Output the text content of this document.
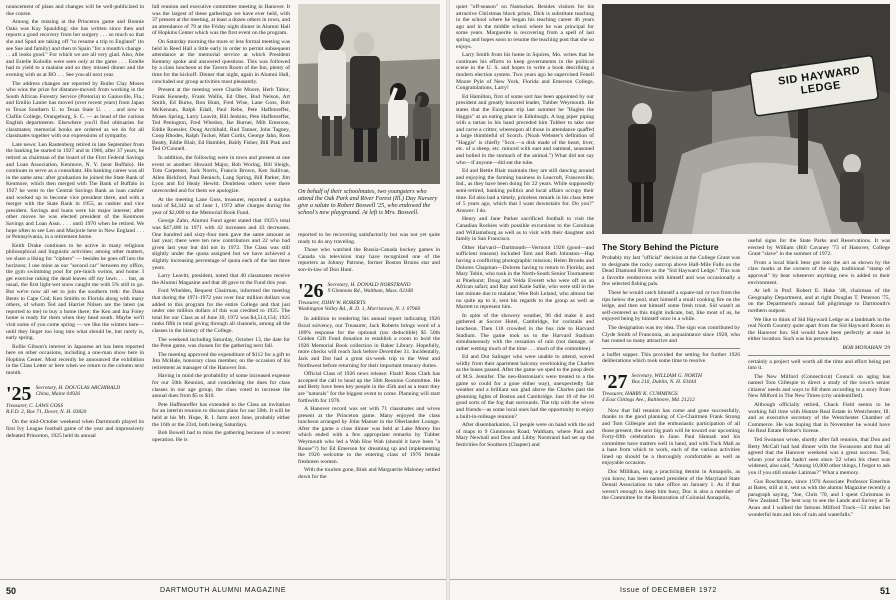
nouncement of plans and changes will be well-publicized in due course.

Among the missing at the Princeton game and Bonnie Oaks was Kay Spaulding; she has written since then and reports a good recovery from her surgery . . . so much so that she and Spud are taking off "to resume a trip to England" (to see Sue and family) and then to Spain "for a month's change . . . all looks good." For which we are all very glad. Also, Abe and Estelle Kolodin were seen only at the game . . . Estelle had to yield to a malaise and so they missed dinner and the evening with us at BO . . . See you-all next year.

The address changes are reported by Butler Clay Moses who wins the prize for distance-moved: from working in the South African Forestry Service (Pretoria) to Gainsville, Fla.; and Emilio Lanier has moved (over recent years) from Japan to Texas Southern U. to Texas State U. . . . and now to Claflin College, Orangeburg, S. C. — as head of the various English departments. Elsewhere you'll find obituaries for classmates; memorial books are ordered as we do for all classmates together with our expressions of sympathy.

Late news: Len Rautenberg retired in late September from the banking he started in 1927 and in 1966, after 37 years, he retired as chairman of the board of the First Federal Savings and Loan Association, Kenmore, N. Y. (near Buffalo). He continues to serve as a consultant. His banking career was all in the same area: after graduation he joined the State Bank of Kenmore, which then merged with The Bank of Buffalo in 1927 he went to the Central Savings Bank as loan cashier and worked up to become vice president there, and with a merger with the State Bank in 1955, as cashier and vice president. Savings and loans were his major interest; after other moves he was elected president of the Kenmore Savings and Loan Assn. . . . until 1970 when he retired. We hope often to see Len and Marjorie here in New England . . . or Pennsylvania, in a retirement home.

Keith Drake continues to be active in many religious philosophical and linguistic activities; among other matters, we share a liking for "ciphers" — besides he goes off into the horizons; I use mine as our "second car" between my office, the gym swimming pool for pre-lunch swims, and home. I get exercise raking the dead leaves off my lawn . . . but, as usual, the first light-wet snow caught me with 5% still to go. But we're now all set to join the southern trek: the Dana Bents to Cape Cod; Ken Smiths to Florida along with many others, of whom Ted and Harriet Nilsen are the latest (as reported to me) to buy a home there; the Ken and Ina Foley home is ready for them when they head south. Maybe we'll visit some of you come spring — we like the winters here—until they linger too long into what should be, but rarely is, early spring.

Rollie Gibson's interest in Japanese art has been reported here on other occasions, including a one-man show here in Hopkins Center. Most recently he announced the exhibition in the Class Letter or here when we return to the column next month.

'25 Secretary, H. DOUGLAS ARCHIBALD
China, Maine 04926
Treasurer, C. LAWS GOSS
R.F.D. 2, Box 71, Dover, N. H. 03820

On the mid-October weekend when Dartmouth played its first Ivy League football game of the year and impressively defeated Princeton, 1925 held its annual

fall reunion and executive committee meeting in Hanover. It was the largest of these gatherings we have ever held, with 37 present at the meeting, at least a dozen others in town, and an attendance of 79 at the Friday night dinner in Alumni Hall of Hopkins Center which was the first event on the program.

On Saturday morning the more or less formal meeting was held in Reed Hall a little early in order to permit subsequent attendance at the memorial service at which President Kemeny spoke and answered questions. This was followed by a class luncheon at the Tavern Room of the Inn, plenty of time for the kickoff. Dinner that night, again in Alumni Hall, concluded our group activities most pleasantly.

Present at the meeting were Charlie Moore, Herb Tabor, Frank Kennedy, Frank Wallis, Ed Ober, Bud Nelson, Art Smith, Ed Burns, Ron Hunt, Fred Wise, Lane Goss, Bob McKennan, Ralph Edall, Paul Rebe, Pete Haffenreffer, Moses Spring, Larry Leavitt, Bill Jenkins, Pete Haffenreffer, Ted Penington, Fred Whedon, Ike Burner, Milt Emerson, Eddie Roessler, Doug Archibald, Rud Tanner, John Tagney, Coop Rhodes, Ralph Tucker, Matt Curtis, George Jahn, Ross Beatty, Eddie Blair, Ed Hamblet, Baldy Fisher, Bill Ptak and Ted O'Connell.

In addition, the following were in town and present at one event or another: Howard Major, Bob Woring, Bill Sleigh, Tom Carpenter, Jack Norris, Francis Brown, Ken Sullivan, Allen Bickford, Paul Beninch, Lang Spring, Bill Parker, Jim Lyon and Ed Healy Hewitt. Doubtless others were there unrecorded and for them we apologize.

At the meeting Lane Goss, treasurer, reported a surplus total of $4,342 as of June 1, 1972 after charges during the year of $2,000 to the Memorial Book Fund.

George Zahn, Alumni Fund agent stated that 1925's total was $47,480 in 1971 with 42 increases and 43 decreases. One hundred and sixty-four men gave the same amount as last year; there were ten new contributors and 22 who had given last year but did not in 1972. The Class was still slightly under the quota assigned but we have achieved a slightly increasing percentage of quota each of the last three years.

Larry Leavitt, president, noted that 40 classmates receive the Alumni Magazine and that 48 gave to the Fund this year.

Ford Whelden, Bequest Chairman, informed the meeting that during the 1971-1972 year over four million dollars was added to this program for the entire College and that just under one million dollars of this was credited to 1925. The total for our Class as of June 30, 1972 was $4,514,154; 1925 ranks fifth in total giving through all channels, among all the classes in the history of the College.

The weekend including Saturday, October 13, the date for the Penn game, was chosen for the gathering next fall.

The meeting approved the expenditure of $112 for a gift to Jim McHale, honorary class member, on the occasion of his retirement as manager of the Hanover Inn.

Having in mind the probability of some increased expense for our 50th Reunion, and considering the dues for class classes in our age group, the class voted to increase the annual dues from $5 to $10.

Pete Haffenreffer has extended to the Class an invitation for an interim reunion to discuss plans for our 50th. It will be held at his Mt. Hope, R. I. farm next June, probably either the 16th or the 23rd, both being Saturdays.

Bob Bowell had to miss the gathering because of a recent operation. He is

On behalf of their schoolmates, two youngsters who attend the Oak Park and River Forest (Ill.) Day Nursery give a salute to Robert Boswell '25, who endowed the school's new playground. At left is Mrs. Boswell.

reported to be recovering satisfactorily but was not yet quite ready to do any traveling.

Those who watched the Russia-Canada hockey games in Canada via television may have recognized one of the reporters as Johnny Patrone, former Boston Bruins star and son-in-law of Don Hunt.

'26 Secretary, H. DONALD NORSTRAND
9 Gimmons Rd., Waltham, Mass. 02168
Treasurer, JOHN W. ROBERTS
Washington Valley Rd., R. D. 1, Morristown, N. J. 07960

In addition to rendering his annual report indicating 1926 fiscal solvency, our Treasurer, Jack Roberts brings word of a 100% response for the optional (tax deductible) $5 50th Golden Gift Fund donation to establish a room to hold the 1926 Memorial Book collection in Baker Library. Hopefully, more checks will reach Jack before December 31. Incidentally, Jack and Dot had a great six-week trip to the West and Northwest before returning for their important treasury duties.

Official Class of 1926 news release: Flash! Ross Clark has accepted the call to head up the 50th Reunion Committee. He and Betty have been key people in the 45th and as a team they are "naturals" for the biggest event to come. Planning will start forthwith for 1976.

A Hanover record was set with 71 classmates and wives present at the Princeton game. Many enjoyed the class luncheon arranged by John Manser in the Oberlander Lounge. After the game a class dinner was held at Lake Morey Inn which ended with a few appropriate remarks by Tubber Weymouth who led a Wah Hoo Wah (should it have been "a Rouse"?) for Ed Emerson for dreaming up and implementing the 1926 welcome to the entering class of 1976 female freshmen women.

With the tourists gone, Bink and Marguerite Maloney settled down for the

50	DARTMOUTH ALUMNI MAGAZINE

quiet "off-season" on Nantucket. Besides visitors for his attractive Christmas block prints, Dick is substitute teaching in the school where he began his teaching career 46 years ago and in the middle school where he was principal for some years. Marguerite is recovering from a spell of last spring and hopes soon to resume the teaching post that she so enjoys.

Larry Smith from his home in Squires, Mo. writes that he continues his efforts to keep governments in the political scene in the U. S. and hopes to write a book describing a modern election system. Two years ago he supervised Fenell Moore Pyle of New York, Florida and Emerson College, Congratulations, Larry!

Ed Hamilton, first of some sort has been appointed by our president and greatly honored leader, Tubber Weymouth. He states that the European trip last summer he "Hagles the Haggis" at an eating place in Edinburgh. A bag piper piping with a tartan in his hand preceded him Tubber to take one and carve a critter, whereupon all those in attendance quaffed a large thimbleful of Scotch. (Noah Webster's definition of "Haggis" is chiefly "Scot.—a dish made of the heart, liver, etc. of a sheep, etc. minced with suet and oatmeal, seasoned and boiled in the stomach of the animal.") What did not say who—if anyone—did eat the tube.

Ed and Bettie Blair maintain they are still dancing around and enjoying the farming business in Leacroft, Francesville, Ind., as they have been doing for 22 years. While supposedly semi-retired, banking politics and local affairs occupy their time. Ed also had a timely, priceless remark in his class letter of 5 years ago, which that I want downstairs for. Do you?" Answer: I do.

Henry and Jane Parker sacrificed football to visit the Canadian Rockies with possible excursions to the Carolinas and Williamsburg as well as to visit with their daughter and family in San Francisco.

Other Harvard—Dartmouth—Vermont 1926 (good—and sufficient reasons) included Tom and Ruth Johnston—Hap having a conflicting photographic mission; Helen Brooks and Dolores Chapman—Dolores having to return to Florida; and Mary Tobin, who took in the North-South Senior Tournament at Pinehurst; Doug and Velda Everett who were off on an African safari; and Ray and Katie Sallie, who were still in the last minute due to malaise; Wee Bob Leland, who almost but no quite up to it, sent his regards to the group as well as Marrett to represent him.

In spite of the showery weather, 96 did make it and gathered at Soccer Hotel, Cambridge, for cocktails and luncheon. Then 118 crowded in the bus ride to Harvard Stadium. The game took us to the Harvard Stadium simultaneously with the cessation of rain (not damage, or rather wetting much of the time . . . much of the committee).

Ed and Dot Salinger who were unable to attend, waved wildly from their apartment balcony overlooking the Charles as the buses passed. After the game we sped to the poop deck of M.S. Jennifer. The neo-Bostonian's were treated to a the game so could for a gone either way), unexpectedly fair weather and a brilliant sun glad above the Charles past the gleaming lights of Boston and Cambridge. Just 10 of the 10 good sorts of the fog that surrounds. The trip with the wives and friends—as some local ones had the opportunity to enjoy a built-in-mileage reunion?

After disembarkation, 53 people were on hand with the aid of maps to 9 Gunmoons Road, Waltham, where Paul and Mary Newhall and Don and Libby Norstrand had set up the festivities for Southern (Chapter) and

SID HAYWARD LEDGE
The Story Behind the Picture

Probably my last "official" decision at the College Grant was to designate the rocky outcrop above Hall-Mile Falls on the Dead Diamond River as the "Sid Hayward Ledge." This was a favorite rendezvous with himself and was occasionally a few selected fishing pals.

There he would catch himself a square-tail or two from the rips below the pool, start himself a small cooking fire on the ledge, and then eat himself some fresh trout. Sid wasn't as self-centered as this might indicate, but, like most of us, he enjoyed being by himself once in a while.

The designation was my idea. The sign was contributed by Clyde Smith of Franconia, an acquaintance since 1928, who has routed so many attractive and

a buffet supper. This provided the setting for further 1926 deliberations which took some time to resolve.

'27 Secretary, WILLIAM G. NORTH
Box 216, Dublin, N. H. 03444
Treasurer, HARRY K. CUMMINGS
4 East Gittings Ave., Baltimore, Md. 21212

Now that fall reunion has come and gone successfully, thanks to the good planning of Co-Chairmen Frank Strong and Tom Gillespie and the enthusiastic participation of all those present, the next big push will be toward our upcoming Forty-fifth celebration in June. Paul Hannah and his committee have matters well in hand, and with Tuck Mall as a base from which to work, each of the various activities lined up should be a thoroughly comfortable as well as enjoyable occasion.

Doc Millikan, long a practicing dentist in Annapolis, as you know, has been named president of the Maryland State Dental Association to take office on January 1. As if that weren't enough to keep him busy, Doc is also a member of the Committee for the Restoration of Colonial Annapolis,

useful signs for the State Parks and Reservations. It was erected by William (Bill Cavaney '73 of Hanover, College Grant "slave" in the summer of 1972.

From a local black bear got into the act as shown by the claw marks at the corners of the sign, traditional "stamp of approval" by bear whenever anything new is added to their environment.

At left is Prof. Robert E. Huke '48, chairman of the Geography Department, and at right Douglas T. Peterson '75, on the Department's annual fall pilgrimage to Dartmouth's northern outpost.

We like to think of Sid Hayward Ledge as a landmark in the real North Country quite apart from the Sid Hayward Room in the Hanover Inn. Sid would have been perfectly at ease in either location. Such was his personality.

BOB MONAHAN '29

certainly a project well worth all the time and effort being put into it.

The New Milford (Connecticut) Council on aging has named Tom Gillespie to direct a study of the town's senior citizens' needs and ways to fill them according to a story from New Milford in The New Times (city unidentified).

Although officially retired, Chuck Field seems to be working full time with Huntze Real Estate in Westchester, Ill. and as executive secretary of the Westchester Chamber of Commerce. He was hoping that in November he would have his Real Estate Broker's license.

Ted Swanson wrote, shortly after fall reunion, that Don and Betty McCall had had dinner with the Swansons and that all agreed that the Hanover weekend was a great success. Ted, whom your scribe hadn't seen since '22 when his chest was widened, also said, "Among 10,000 other things, I forgot to ask you if you still smoke Latimas?" What a memory.

Gus Boschmann, since 1970 Associate Professor Emeritus at Bates, still at it, sent us with the alumni Magazine recently a paragraph saying, "Joe, Chris '70, and I spent Christmas in New Zealand. The best way to see the Lands and Survey at Te Anau and I walked the famous Milford Track—53 miles but wonderful huts and lots of rain and waterfalls."

Issue of DECEMBER 1972	51
